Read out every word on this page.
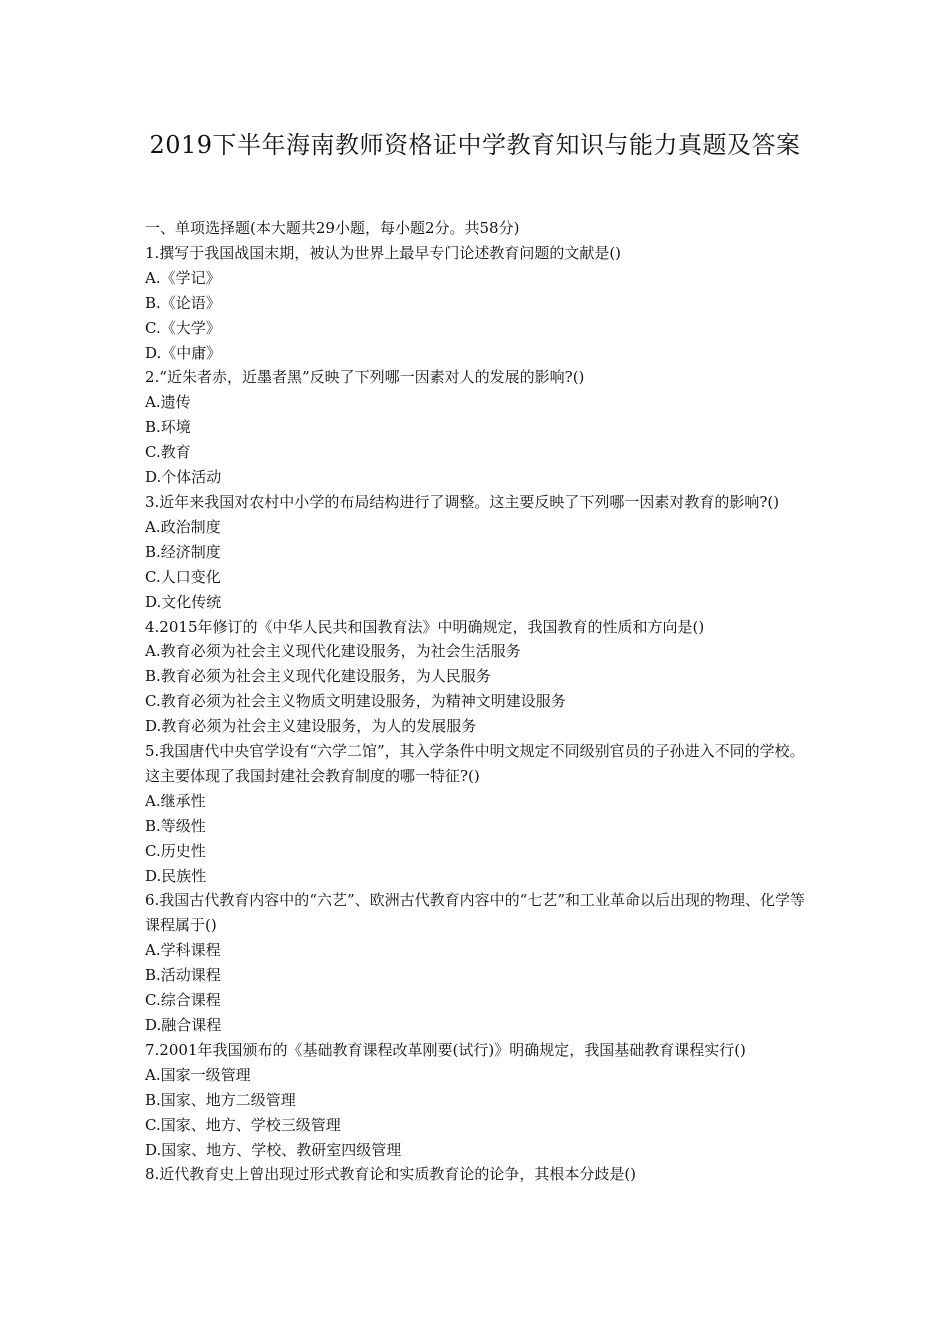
2019下半年海南教师资格证中学教育知识与能力真题及答案
一、单项选择题(本大题共29小题，每小题2分。共58分)
1.撰写于我国战国末期，被认为世界上最早专门论述教育问题的文献是()
A.《学记》
B.《论语》
C.《大学》
D.《中庸》
2.“近朱者赤，近墨者黑”反映了下列哪一因素对人的发展的影响?()
A.遗传
B.环境
C.教育
D.个体活动
3.近年来我国对农村中小学的布局结构进行了调整。这主要反映了下列哪一因素对教育的影响?()
A.政治制度
B.经济制度
C.人口变化
D.文化传统
4.2015年修订的《中华人民共和国教育法》中明确规定，我国教育的性质和方向是()
A.教育必须为社会主义现代化建设服务，为社会生活服务
B.教育必须为社会主义现代化建设服务，为人民服务
C.教育必须为社会主义物质文明建设服务，为精神文明建设服务
D.教育必须为社会主义建设服务，为人的发展服务
5.我国唐代中央官学设有“六学二馆”，其入学条件中明文规定不同级别官员的子孙进入不同的学校。这主要体现了我国封建社会教育制度的哪一特征?()
A.继承性
B.等级性
C.历史性
D.民族性
6.我国古代教育内容中的“六艺”、欧洲古代教育内容中的“七艺”和工业革命以后出现的物理、化学等课程属于()
A.学科课程
B.活动课程
C.综合课程
D.融合课程
7.2001年我国颁布的《基础教育课程改革刚要(试行)》明确规定，我国基础教育课程实行()
A.国家一级管理
B.国家、地方二级管理
C.国家、地方、学校三级管理
D.国家、地方、学校、教研室四级管理
8.近代教育史上曾出现过形式教育论和实质教育论的论争，其根本分歧是()
